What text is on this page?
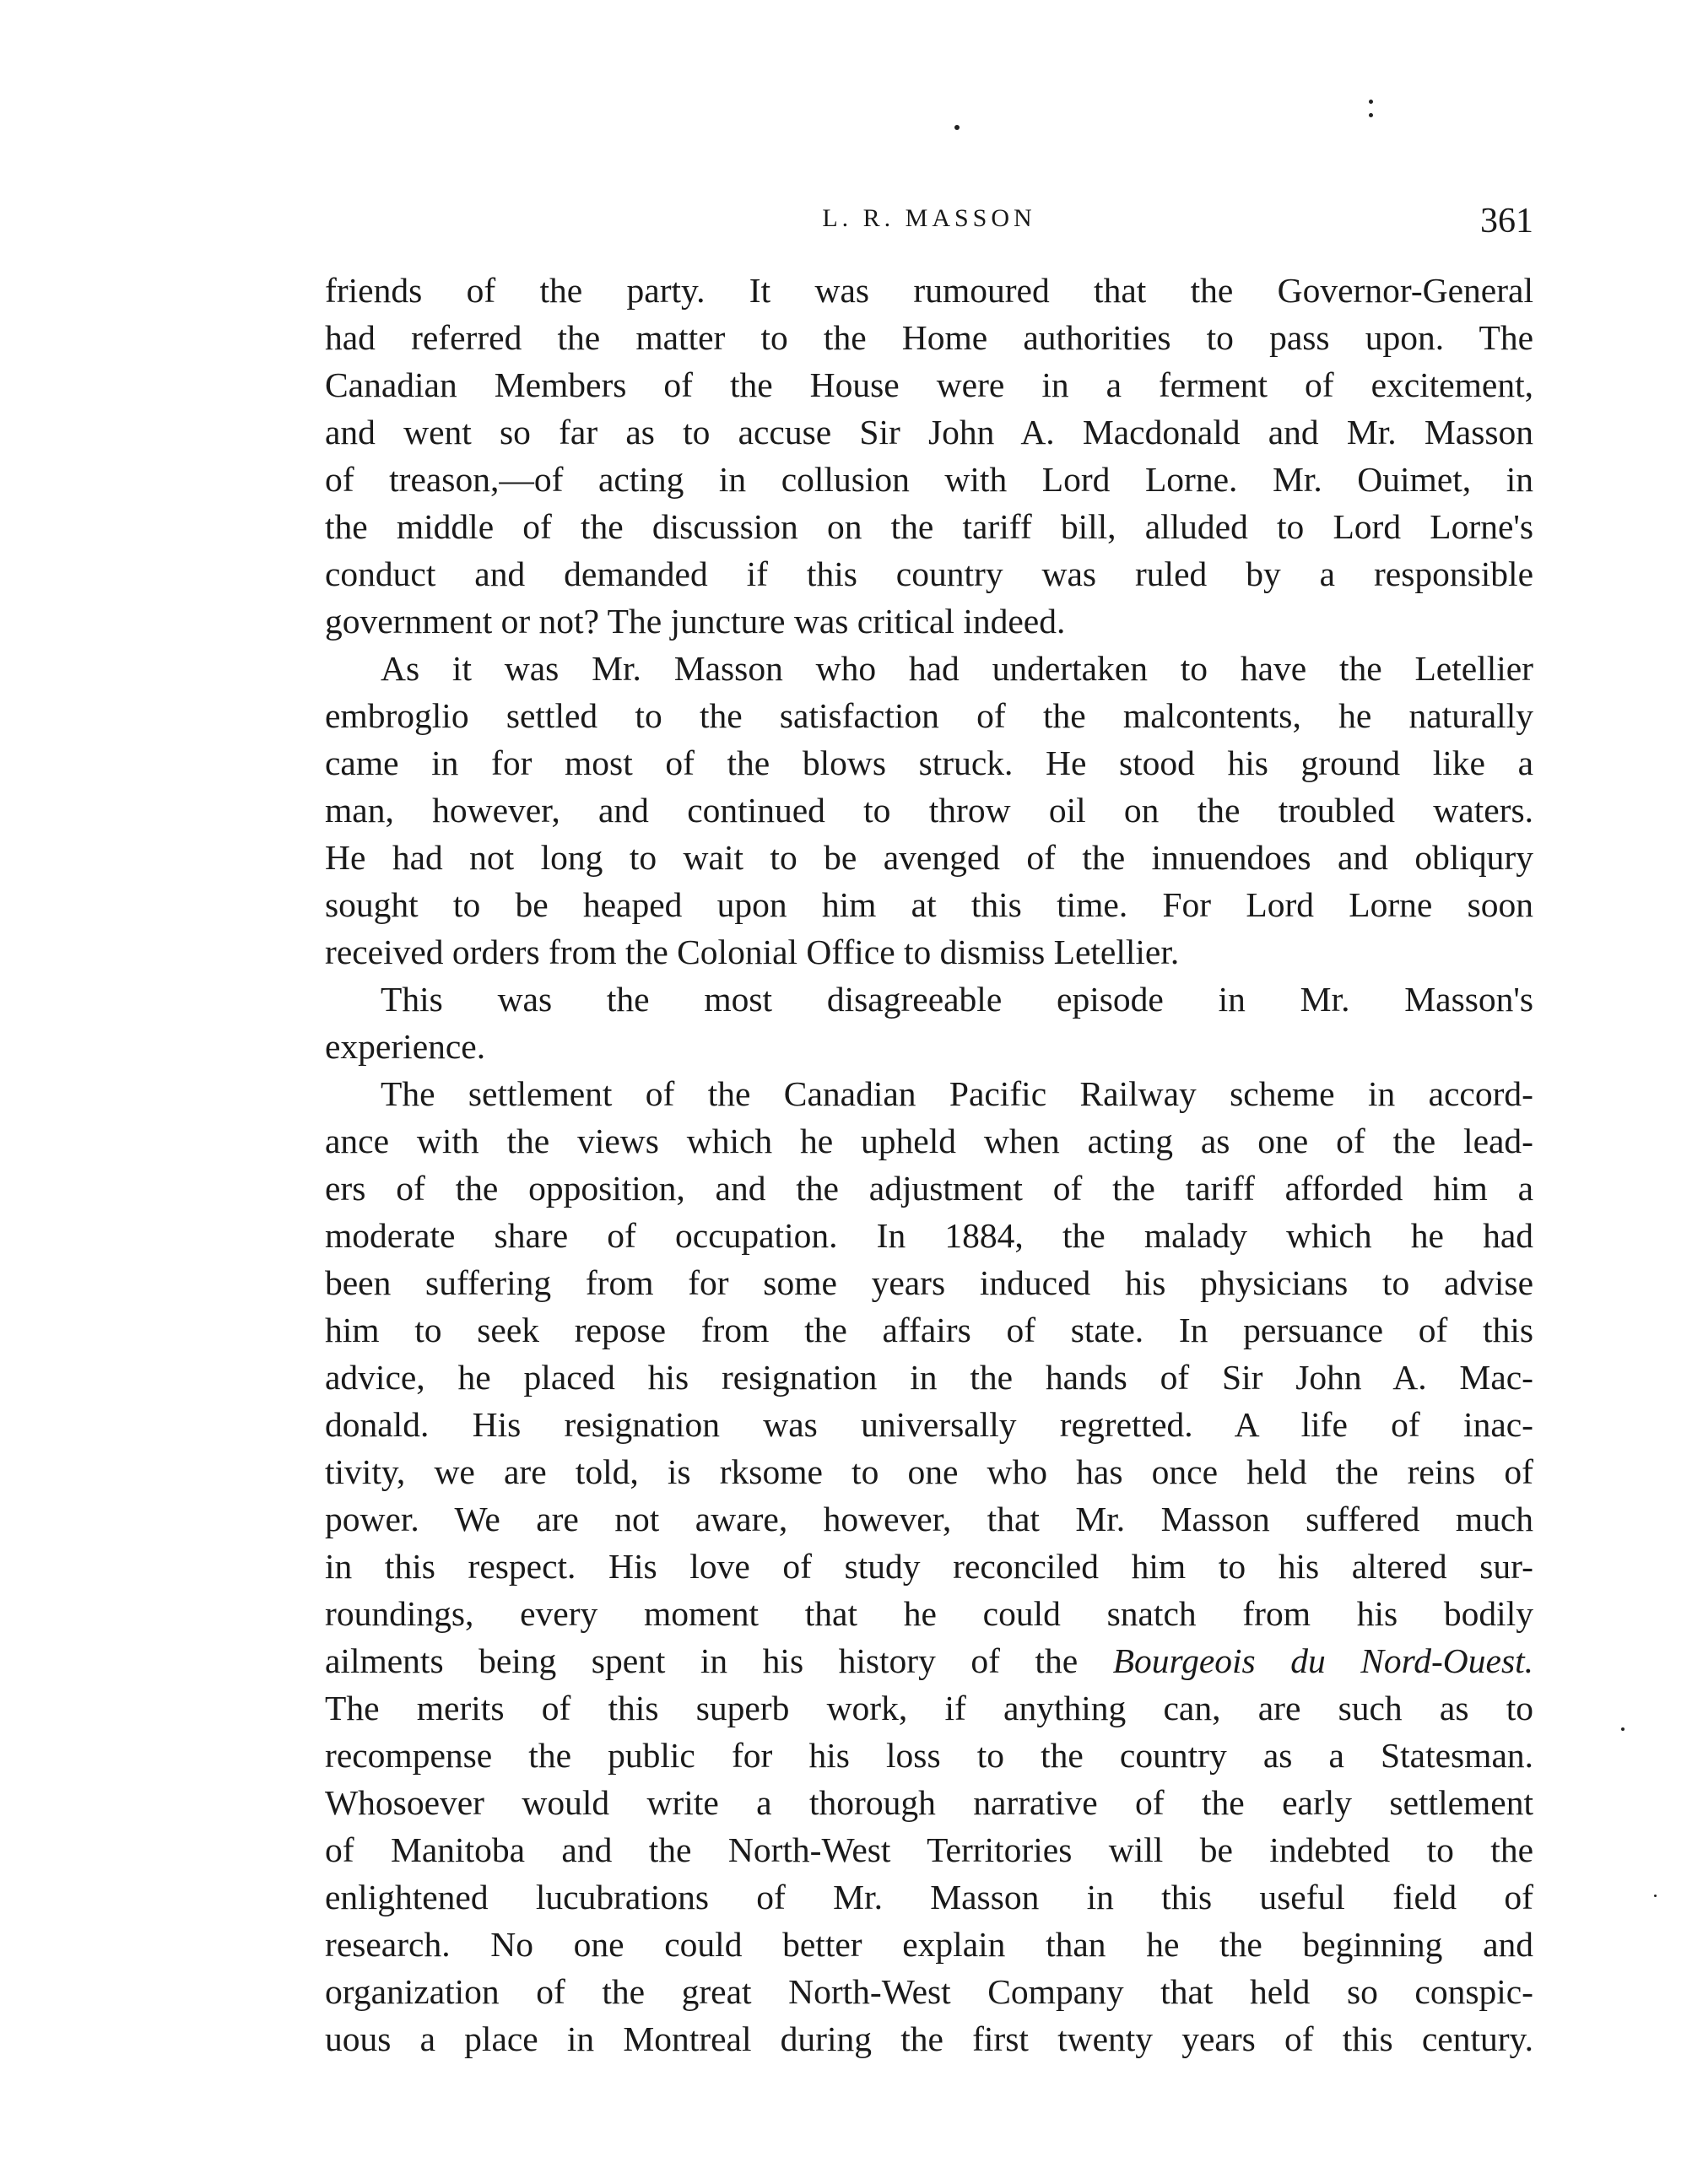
L. R. MASSON	361
friends of the party. It was rumoured that the Governor-General
had referred the matter to the Home authorities to pass upon. The
Canadian Members of the House were in a ferment of excitement,
and went so far as to accuse Sir John A. Macdonald and Mr. Masson
of treason,—of acting in collusion with Lord Lorne. Mr. Ouimet, in
the middle of the discussion on the tariff bill, alluded to Lord Lorne's
conduct and demanded if this country was ruled by a responsible
government or not? The juncture was critical indeed.
As it was Mr. Masson who had undertaken to have the Letellier
embroglio settled to the satisfaction of the malcontents, he naturally
came in for most of the blows struck. He stood his ground like a
man, however, and continued to throw oil on the troubled waters.
He had not long to wait to be avenged of the innuendoes and obliqury
sought to be heaped upon him at this time. For Lord Lorne soon
received orders from the Colonial Office to dismiss Letellier.
This was the most disagreeable episode in Mr. Masson's
experience.
The settlement of the Canadian Pacific Railway scheme in accord-
ance with the views which he upheld when acting as one of the lead-
ers of the opposition, and the adjustment of the tariff afforded him a
moderate share of occupation. In 1884, the malady which he had
been suffering from for some years induced his physicians to advise
him to seek repose from the affairs of state. In persuance of this
advice, he placed his resignation in the hands of Sir John A. Mac-
donald. His resignation was universally regretted. A life of inac-
tivity, we are told, is rksome to one who has once held the reins of
power. We are not aware, however, that Mr. Masson suffered much
in this respect. His love of study reconciled him to his altered sur-
roundings, every moment that he could snatch from his bodily
ailments being spent in his history of the Bourgeois du Nord-Ouest.
The merits of this superb work, if anything can, are such as to
recompense the public for his loss to the country as a Statesman.
Whosoever would write a thorough narrative of the early settlement
of Manitoba and the North-West Territories will be indebted to the
enlightened lucubrations of Mr. Masson in this useful field of
research. No one could better explain than he the beginning and
organization of the great North-West Company that held so conspic-
uous a place in Montreal during the first twenty years of this century.
